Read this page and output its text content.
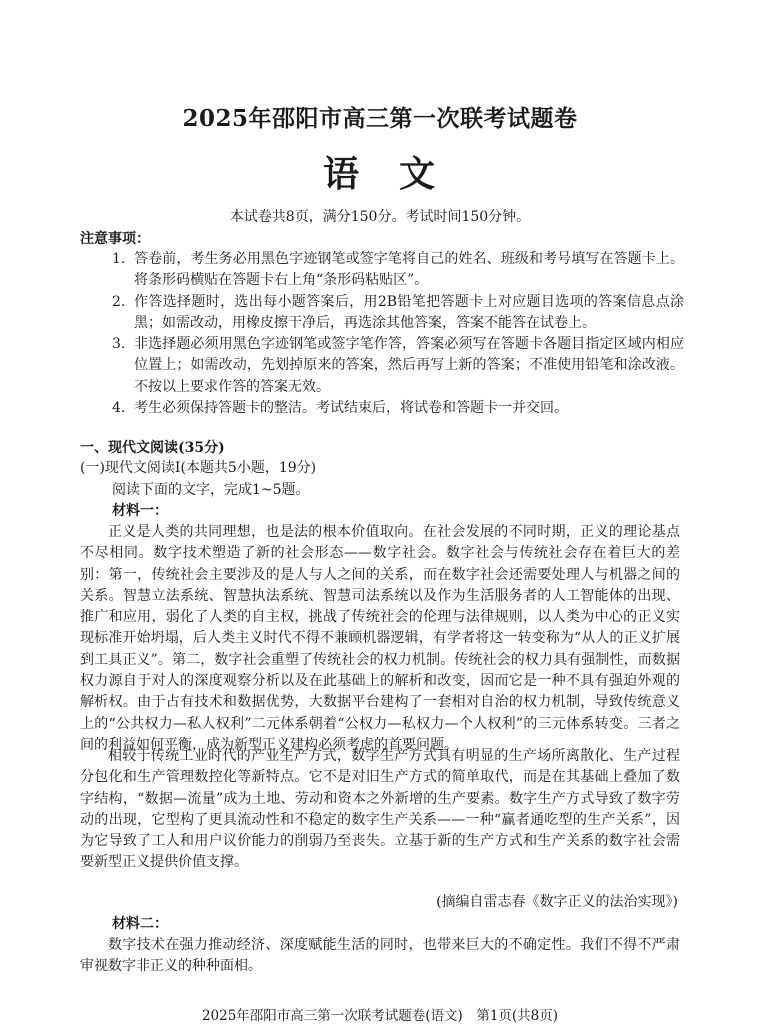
2025年邵阳市高三第一次联考试题卷
语　文
本试卷共8页，满分150分。考试时间150分钟。
注意事项：
1. 答卷前，考生务必用黑色字迹钢笔或签字笔将自己的姓名、班级和考号填写在答题卡上。将条形码横贴在答题卡右上角“条形码粘贴区”。
2. 作答选择题时，选出每小题答案后，用2B铅笔把答题卡上对应题目选项的答案信息点涂黑；如需改动，用橡皮擦干净后，再选涂其他答案，答案不能答在试卷上。
3. 非选择题必须用黑色字迹钢笔或签字笔作答，答案必须写在答题卡各题目指定区域内相应位置上；如需改动，先划掉原来的答案，然后再写上新的答案；不准使用铅笔和涂改液。不按以上要求作答的答案无效。
4. 考生必须保持答题卡的整洁。考试结束后，将试卷和答题卡一并交回。
一、现代文阅读(35分)
(一)现代文阅读Ⅰ(本题共5小题，19分)
阅读下面的文字，完成1~5题。
材料一：

正义是人类的共同理想，也是法的根本价值取向。在社会发展的不同时期，正义的理论基点不尽相同。数字技术塑造了新的社会形态——数字社会。数字社会与传统社会存在着巨大的差别：第一，传统社会主要涉及的是人与人之间的关系，而在数字社会还需要处理人与机器之间的关系。智慧立法系统、智慧执法系统、智慧司法系统以及作为生活服务者的人工智能体的出现、推广和应用，弱化了人类的自主权，挑战了传统社会的伦理与法律规则，以人类为中心的正义实现标准开始坍塌，后人类主义时代不得不兼顾机器逻辑，有学者将这一转变称为“从人的正义扩展到工具正义”。第二，数字社会重塑了传统社会的权力机制。传统社会的权力具有强制性，而数据权力源自于对人的深度观察分析以及在此基础上的解析和改变，因而它是一种不具有强迫外观的解析权。由于占有技术和数据优势，大数据平台建构了一套相对自治的权力机制，导致传统意义上的“公共权力—私人权利”二元体系朝着“公权力—私权力—个人权利”的三元体系转变。三者之间的利益如何平衡，成为新型正义建构必须考虑的首要问题。

相较于传统工业时代的产业生产方式，数字生产方式具有明显的生产场所离散化、生产过程分包化和生产管理数控化等新特点。它不是对旧生产方式的简单取代，而是在其基础上叠加了数字结构，“数据—流量”成为土地、劳动和资本之外新增的生产要素。数字生产方式导致了数字劳动的出现，它型构了更具流动性和不稳定的数字生产关系——一种“赢者通吃型的生产关系”，因为它导致了工人和用户议价能力的削弱乃至丧失。立基于新的生产方式和生产关系的数字社会需要新型正义提供价值支撑。

(摘编自雷志春《数字正义的法治实现》)
材料二：

数字技术在强力推动经济、深度赋能生活的同时，也带来巨大的不确定性。我们不得不严肃审视数字非正义的种种面相。

2025年邵阳市高三第一次联考试题卷(语文)　第1页(共8页)
